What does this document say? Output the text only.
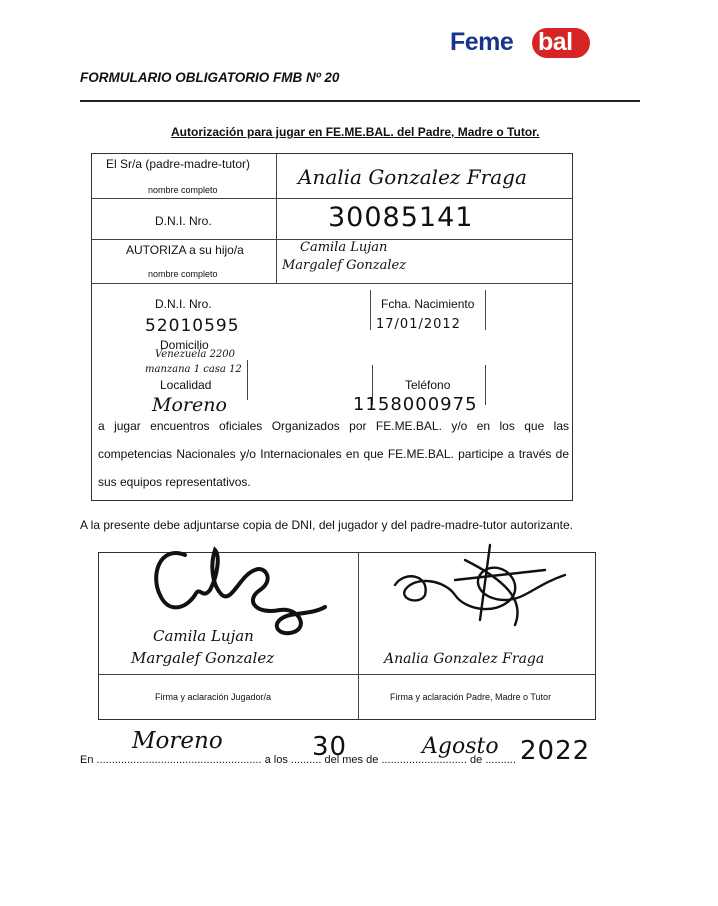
Feme bal
FORMULARIO OBLIGATORIO FMB Nº 20
Autorización para jugar en FE.ME.BAL. del Padre, Madre o Tutor.
El Sr/a (padre-madre-tutor)
nombre completo
Analia Gonzalez Fraga
D.N.I. Nro.	30085141
AUTORIZA a su hijo/a
nombre completo
Camila Lujan
Margalef Gonzalez
D.N.I. Nro.
52010595
Fcha. Nacimiento
17/01/2012
Domicilio
Venezuela 2200
manzana 1 casa 12
Localidad	Teléfono
Moreno	1158000975
a jugar encuentros oficiales Organizados por FE.ME.BAL. y/o en los que las competencias Nacionales y/o Internacionales en que FE.ME.BAL. participe a través de sus equipos representativos.
A la presente debe adjuntarse copia de DNI, del jugador y del padre-madre-tutor autorizante.
Camila Lujan
Margalef Gonzalez	Analia Gonzalez Fraga
Firma y aclaración Jugador/a	Firma y aclaración Padre, Madre o Tutor
Moreno	30	Agosto 2022
En ...................................................... a los .......... del mes de ............................ de ..........
